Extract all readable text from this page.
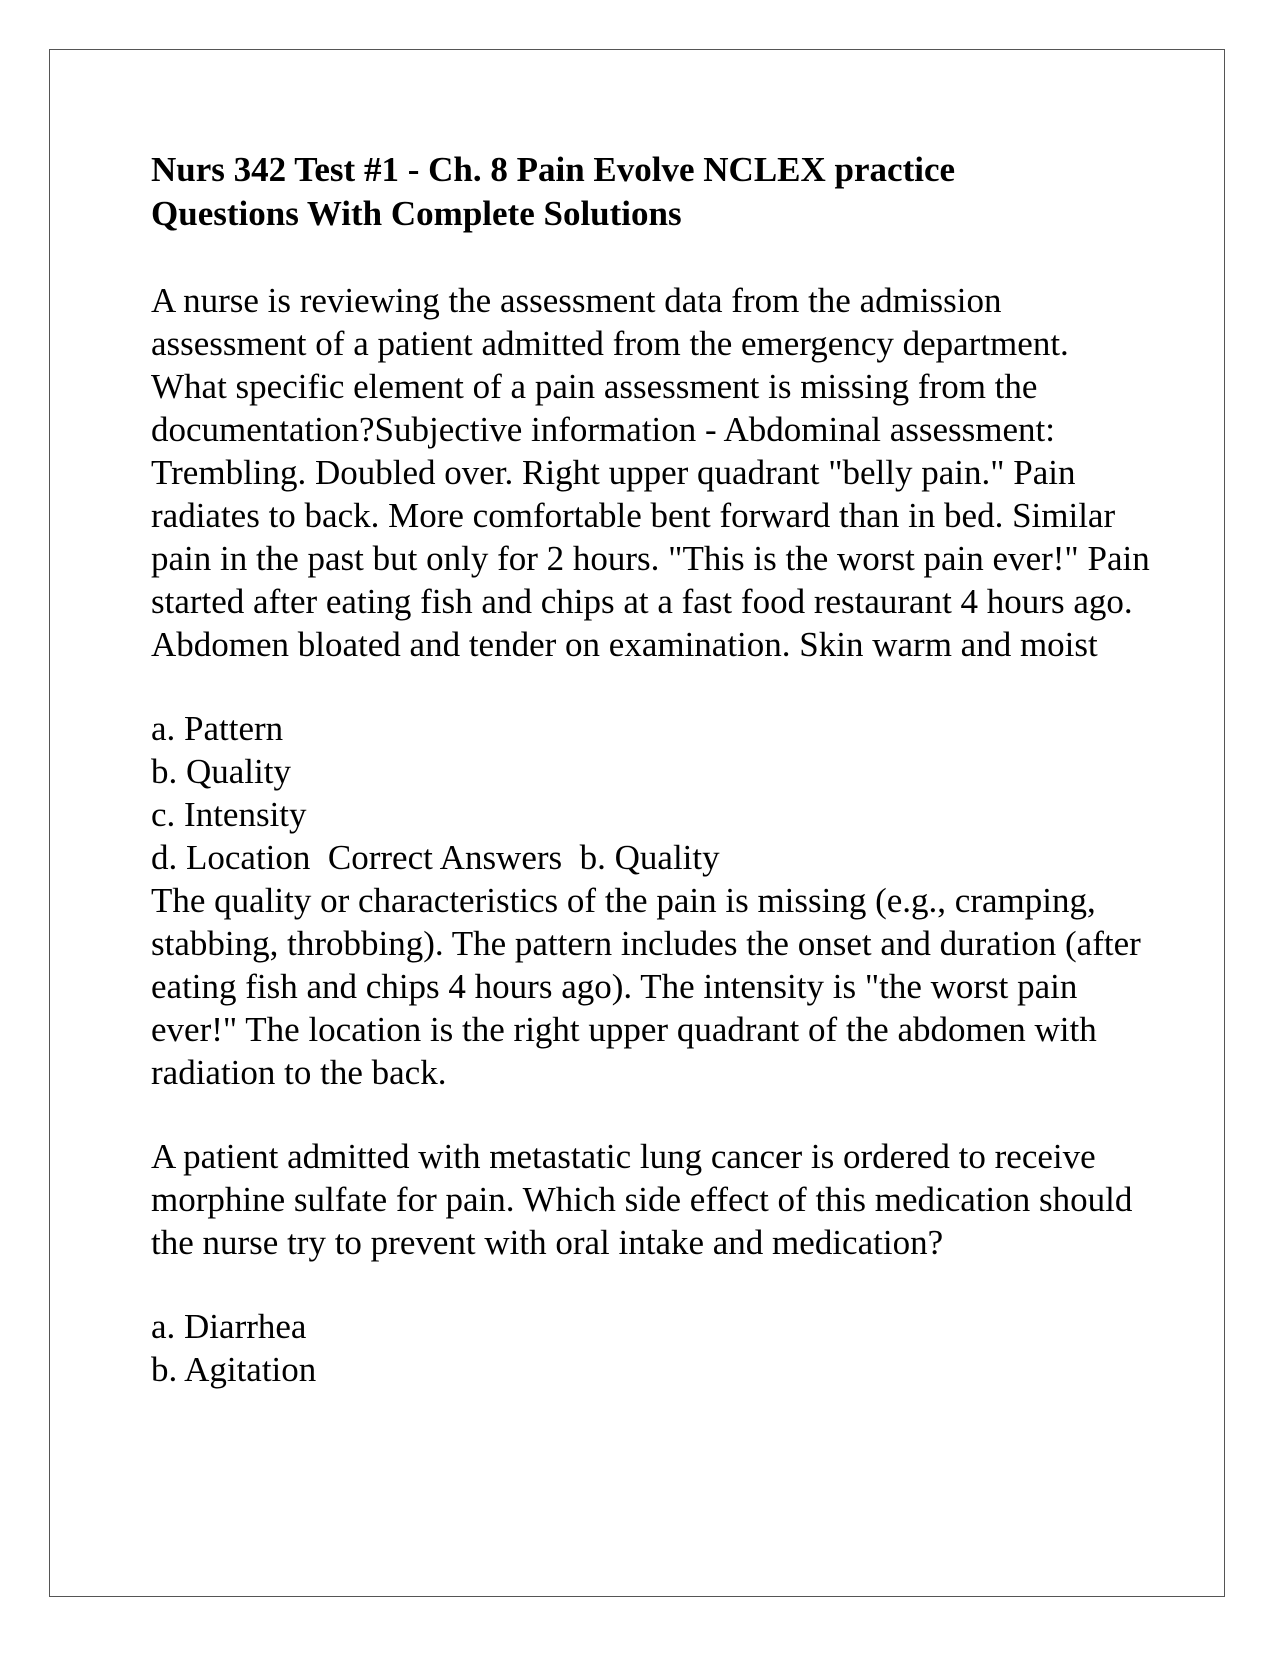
Nurs 342 Test #1 - Ch. 8 Pain Evolve NCLEX practice
Questions With Complete Solutions

A nurse is reviewing the assessment data from the admission assessment of a patient admitted from the emergency department. What specific element of a pain assessment is missing from the documentation?Subjective information - Abdominal assessment: Trembling. Doubled over. Right upper quadrant "belly pain." Pain radiates to back. More comfortable bent forward than in bed. Similar pain in the past but only for 2 hours. "This is the worst pain ever!" Pain started after eating fish and chips at a fast food restaurant 4 hours ago. Abdomen bloated and tender on examination. Skin warm and moist

a. Pattern

b. Quality

c. Intensity

d. Location  Correct Answers  b. Quality

The quality or characteristics of the pain is missing (e.g., cramping, stabbing, throbbing). The pattern includes the onset and duration (after eating fish and chips 4 hours ago). The intensity is "the worst pain ever!" The location is the right upper quadrant of the abdomen with radiation to the back.

A patient admitted with metastatic lung cancer is ordered to receive morphine sulfate for pain. Which side effect of this medication should the nurse try to prevent with oral intake and medication?

a. Diarrhea

b. Agitation
